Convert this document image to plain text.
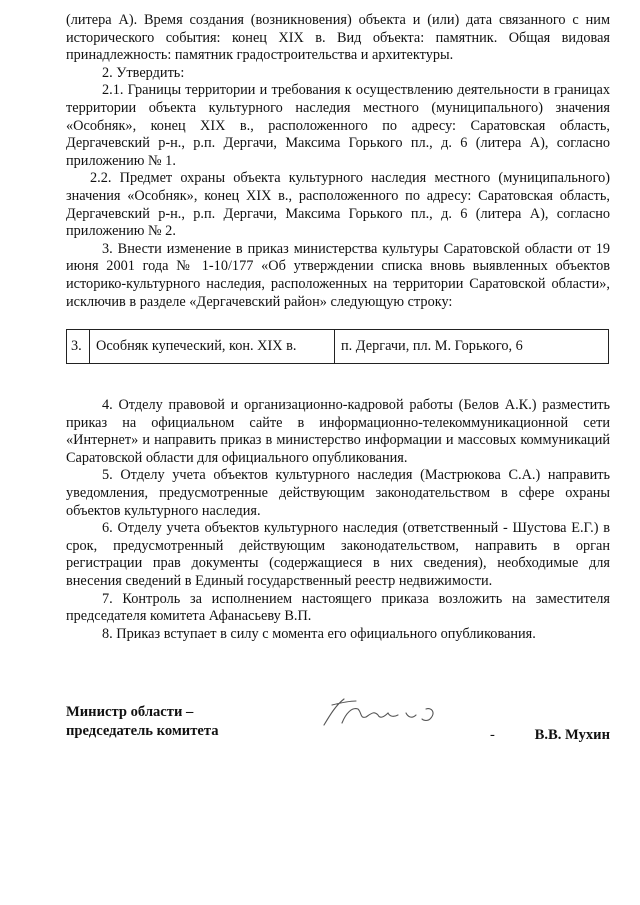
(литера А). Время создания (возникновения) объекта и (или) дата связанного с ним исторического события: конец XIX в. Вид объекта: памятник. Общая видовая принадлежность: памятник градостроительства и архитектуры.

2. Утвердить:

2.1. Границы территории и требования к осуществлению деятельности в границах территории объекта культурного наследия местного (муниципального) значения «Особняк», конец XIX в., расположенного по адресу: Саратовская область, Дергачевский р-н., р.п. Дергачи, Максима Горького пл., д. 6 (литера А), согласно приложению № 1.

2.2. Предмет охраны объекта культурного наследия местного (муниципального) значения «Особняк», конец XIX в., расположенного по адресу: Саратовская область, Дергачевский р-н., р.п. Дергачи, Максима Горького пл., д. 6 (литера А), согласно приложению № 2.

3. Внести изменение в приказ министерства культуры Саратовской области от 19 июня 2001 года № 1-10/177 «Об утверждении списка вновь выявленных объектов историко-культурного наследия, расположенных на территории Саратовской области», исключив в разделе «Дергачевский район» следующую строку:

3.	Особняк купеческий, кон. XIX в.	п. Дергачи, пл. М. Горького, 6

4. Отделу правовой и организационно-кадровой работы (Белов А.К.) разместить приказ на официальном сайте в информационно-телекоммуникационной сети «Интернет» и направить приказ в министерство информации и массовых коммуникаций Саратовской области для официального опубликования.

5. Отделу учета объектов культурного наследия (Мастрюкова С.А.) направить уведомления, предусмотренные действующим законодательством в сфере охраны объектов культурного наследия.

6. Отделу учета объектов культурного наследия (ответственный - Шустова Е.Г.) в срок, предусмотренный действующим законодательством, направить в орган регистрации прав документы (содержащиеся в них сведения), необходимые для внесения сведений в Единый государственный реестр недвижимости.

7. Контроль за исполнением настоящего приказа возложить на заместителя председателя комитета Афанасьеву В.П.

8. Приказ вступает в силу с момента его официального опубликования.

Министр области –
председатель комитета	-	В.В. Мухин
